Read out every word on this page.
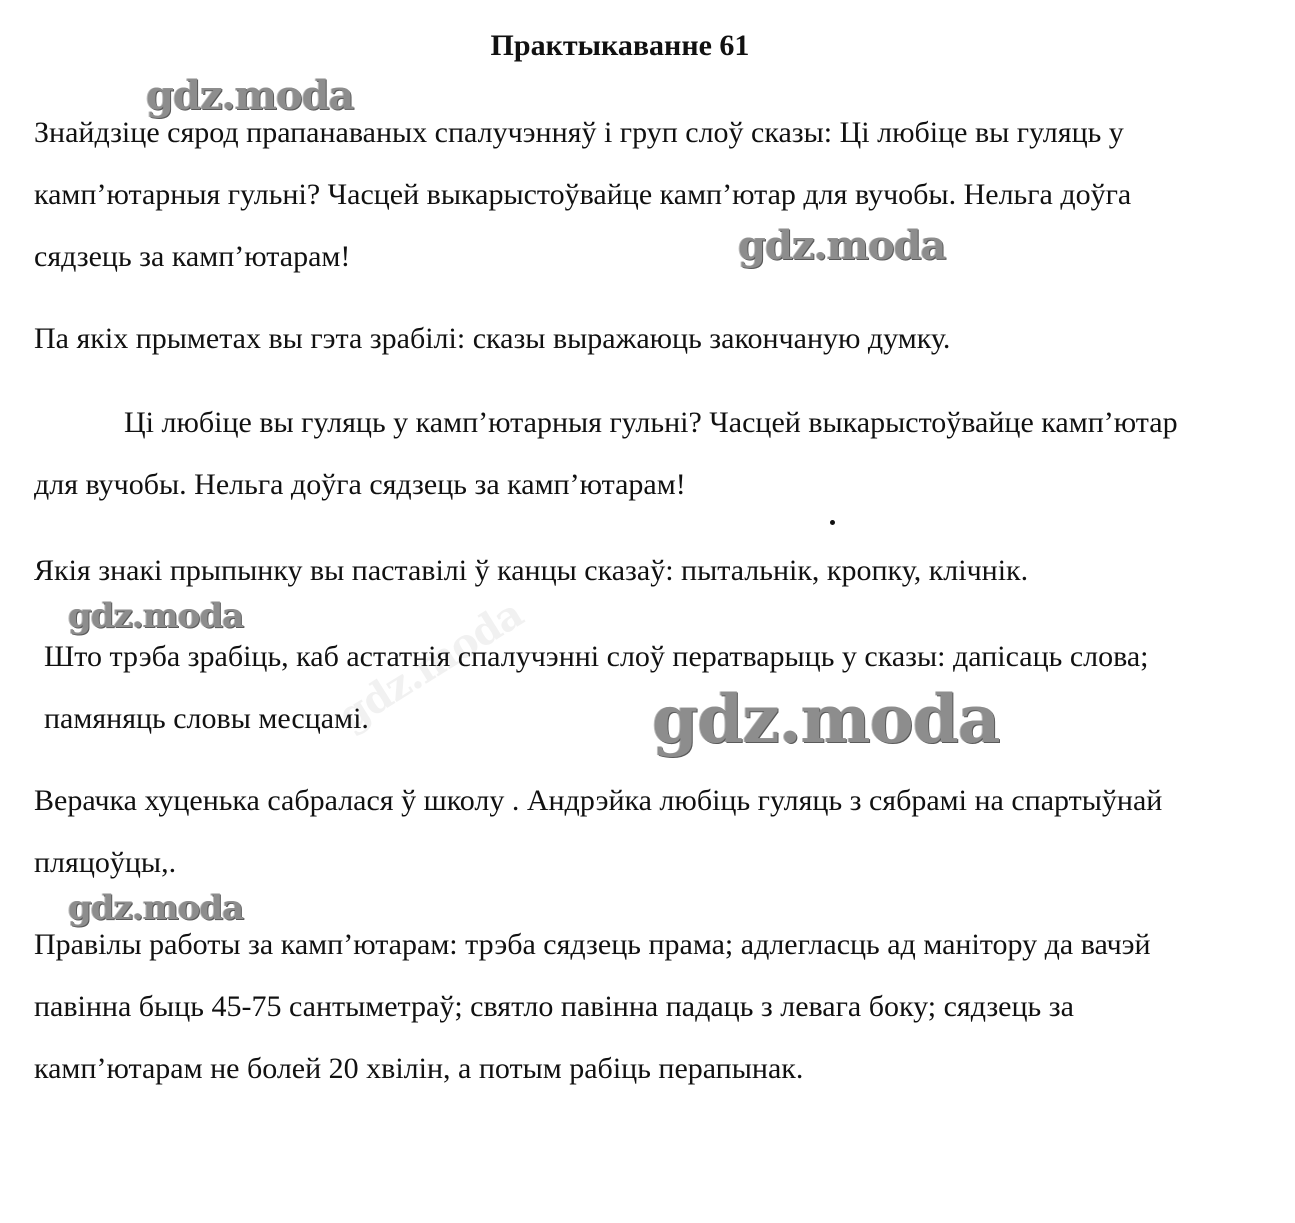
Практыкаванне 61
gdz.moda
gdz.moda
gdz.moda
gdz.moda
gdz.moda
gdz.moda

Знайдзіце сярод прапанаваных спалучэнняў і груп слоў сказы: Ці любіце вы гуляць у камп’ютарныя гульні? Часцей выкарыстоўвайце камп’ютар для вучобы. Нельга доўга сядзець за камп’ютарам!

Па якіх прыметах вы гэта зрабілі: сказы выражаюць закончаную думку.

Ці любіце вы гуляць у камп’ютарныя гульні? Часцей выкарыстоўвайце камп’ютар для вучобы. Нельга доўга сядзець за камп’ютарам!

Якія знакі прыпынку вы паставілі ў канцы сказаў: пытальнік, кропку, клічнік.

Што трэба зрабіць, каб астатнія спалучэнні слоў ператварыць у сказы: дапісаць слова; памяняць словы месцамі.

Верачка хуценька сабралася ў школу . Андрэйка любіць гуляць з сябрамі на спартыўнай пляцоўцы,.

Правілы работы за камп’ютарам: трэба сядзець прама; адлегласць ад манітору да вачэй павінна быць 45-75 сантыметраў; святло павінна падаць з левага боку; сядзець за камп’ютарам не болей 20 хвілін, а потым рабіць перапынак.
